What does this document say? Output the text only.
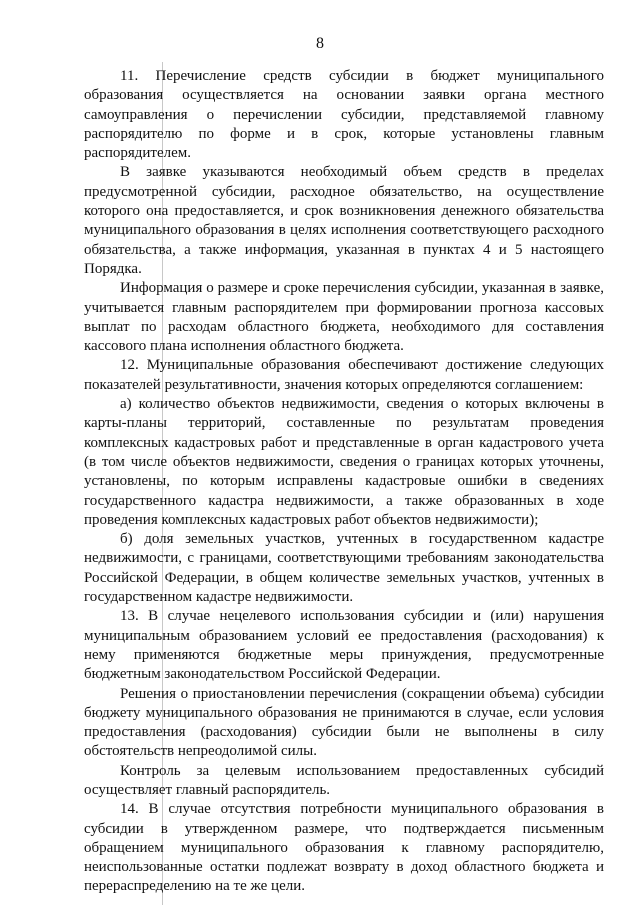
8

11. Перечисление средств субсидии в бюджет муниципального образования осуществляется на основании заявки органа местного самоуправления о перечислении субсидии, представляемой главному распорядителю по форме и в срок, которые установлены главным распорядителем.

В заявке указываются необходимый объем средств в пределах предусмотренной субсидии, расходное обязательство, на осуществление которого она предоставляется, и срок возникновения денежного обязательства муниципального образования в целях исполнения соответствующего расходного обязательства, а также информация, указанная в пунктах 4 и 5 настоящего Порядка.

Информация о размере и сроке перечисления субсидии, указанная в заявке, учитывается главным распорядителем при формировании прогноза кассовых выплат по расходам областного бюджета, необходимого для составления кассового плана исполнения областного бюджета.

12. Муниципальные образования обеспечивают достижение следующих показателей результативности, значения которых определяются соглашением:

а) количество объектов недвижимости, сведения о которых включены в карты-планы территорий, составленные по результатам проведения комплексных кадастровых работ и представленные в орган кадастрового учета (в том числе объектов недвижимости, сведения о границах которых уточнены, установлены, по которым исправлены кадастровые ошибки в сведениях государственного кадастра недвижимости, а также образованных в ходе проведения комплексных кадастровых работ объектов недвижимости);

б) доля земельных участков, учтенных в государственном кадастре недвижимости, с границами, соответствующими требованиям законодательства Российской Федерации, в общем количестве земельных участков, учтенных в государственном кадастре недвижимости.

13. В случае нецелевого использования субсидии и (или) нарушения муниципальным образованием условий ее предоставления (расходования) к нему применяются бюджетные меры принуждения, предусмотренные бюджетным законодательством Российской Федерации.

Решения о приостановлении перечисления (сокращении объема) субсидии бюджету муниципального образования не принимаются в случае, если условия предоставления (расходования) субсидии были не выполнены в силу обстоятельств непреодолимой силы.

Контроль за целевым использованием предоставленных субсидий осуществляет главный распорядитель.

14. В случае отсутствия потребности муниципального образования в субсидии в утвержденном размере, что подтверждается письменным обращением муниципального образования к главному распорядителю, неиспользованные остатки подлежат возврату в доход областного бюджета и перераспределению на те же цели.
